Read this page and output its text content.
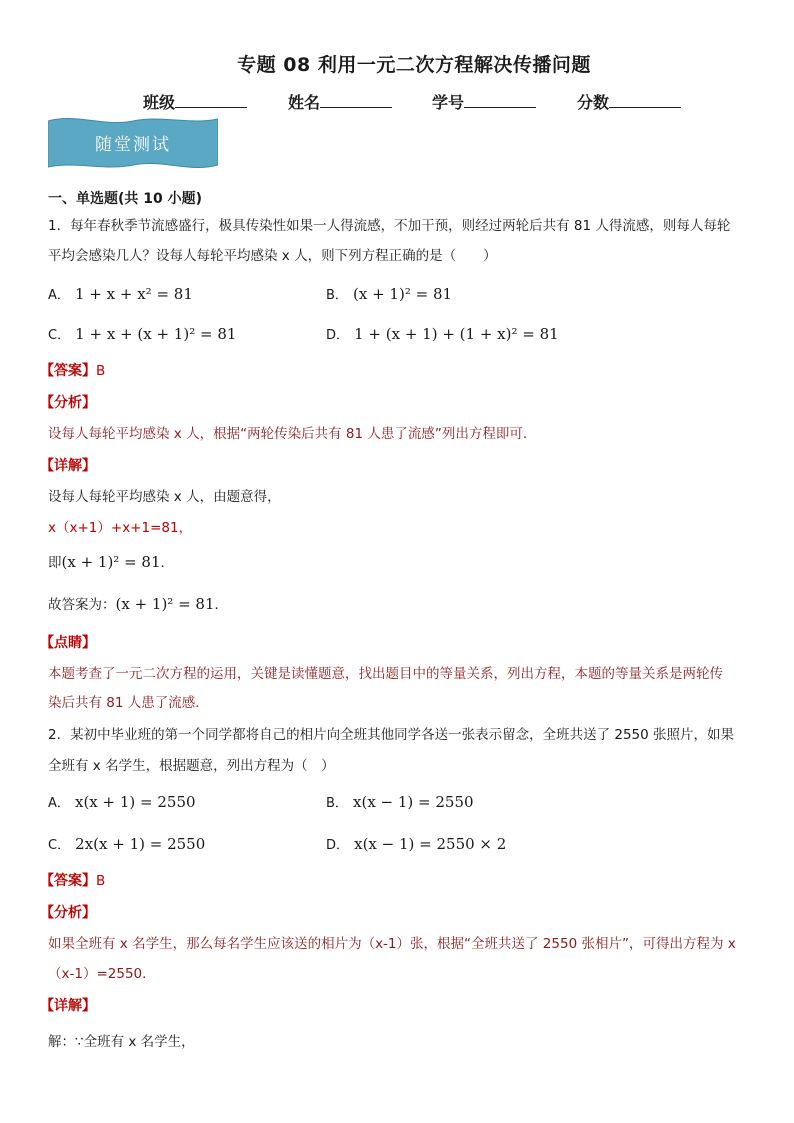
专题 08 利用一元二次方程解决传播问题
班级	姓名	学号	分数
随堂测试
一、单选题(共 10 小题)
1．每年春秋季节流感盛行，极具传染性如果一人得流感，不加干预，则经过两轮后共有 81 人得流感，则每人每轮
平均会感染几人？设每人每轮平均感染 x 人，则下列方程正确的是（　　）
A． 1 + x + x² = 81	B． (x + 1)² = 81
C． 1 + x + (x + 1)² = 81	D． 1 + (x + 1) + (1 + x)² = 81
【答案】B
【分析】
设每人每轮平均感染 x 人，根据“两轮传染后共有 81 人患了流感”列出方程即可．
【详解】
设每人每轮平均感染 x 人，由题意得，
x（x+1）+x+1=81，
即(x + 1)² = 81．
故答案为：(x + 1)² = 81．
【点睛】
本题考查了一元二次方程的运用，关键是读懂题意，找出题目中的等量关系，列出方程，本题的等量关系是两轮传
染后共有 81 人患了流感．
2．某初中毕业班的第一个同学都将自己的相片向全班其他同学各送一张表示留念，全班共送了 2550 张照片，如果
全班有 x 名学生，根据题意，列出方程为（　）
A． x(x + 1) = 2550	B． x(x − 1) = 2550
C． 2x(x + 1) = 2550	D． x(x − 1) = 2550 × 2
【答案】B
【分析】
如果全班有 x 名学生，那么每名学生应该送的相片为（x-1）张，根据“全班共送了 2550 张相片”，可得出方程为 x
（x-1）=2550．
【详解】
解：∵全班有 x 名学生，
